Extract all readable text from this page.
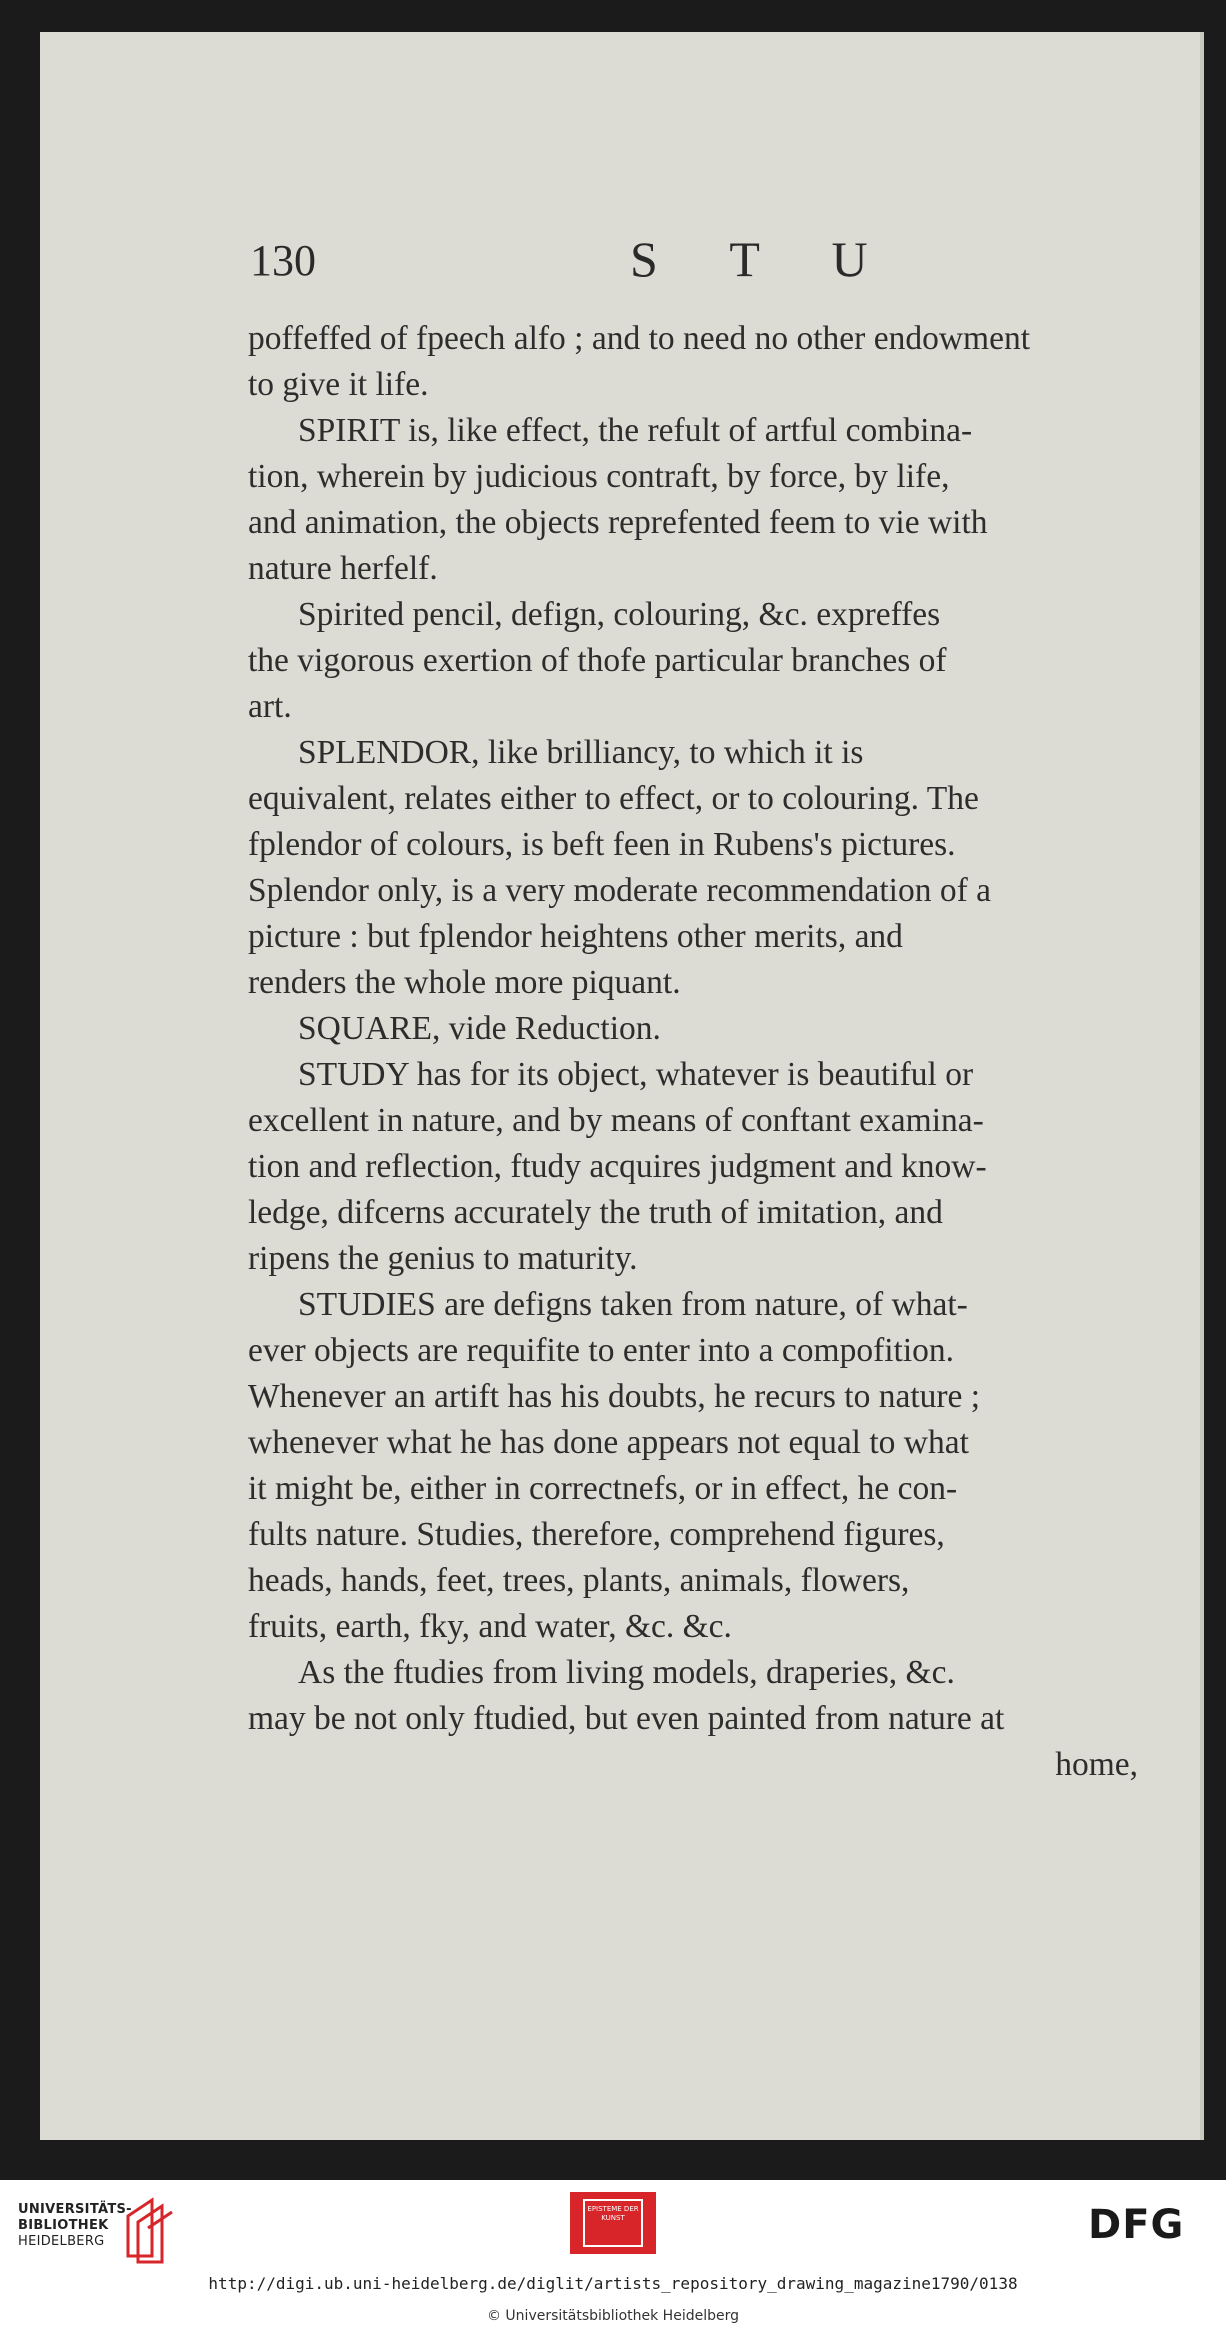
130	S T U
poffeffed of fpeech alfo ; and to need no other endowment
to give it life.
SPIRIT is, like effect, the refult of artful combina-
tion, wherein by judicious contraft, by force, by life,
and animation, the objects reprefented feem to vie with
nature herfelf.
Spirited pencil, defign, colouring, &c. expreffes
the vigorous exertion of thofe particular branches of
art.
SPLENDOR, like brilliancy, to which it is
equivalent, relates either to effect, or to colouring. The
fplendor of colours, is beft feen in Rubens's pictures.
Splendor only, is a very moderate recommendation of a
picture : but fplendor heightens other merits, and
renders the whole more piquant.
SQUARE, vide Reduction.
STUDY has for its object, whatever is beautiful or
excellent in nature, and by means of conftant examina-
tion and reflection, ftudy acquires judgment and know-
ledge, difcerns accurately the truth of imitation, and
ripens the genius to maturity.
STUDIES are defigns taken from nature, of what-
ever objects are requifite to enter into a compofition.
Whenever an artift has his doubts, he recurs to nature ;
whenever what he has done appears not equal to what
it might be, either in correctnefs, or in effect, he con-
fults nature. Studies, therefore, comprehend figures,
heads, hands, feet, trees, plants, animals, flowers,
fruits, earth, fky, and water, &c. &c.
As the ftudies from living models, draperies, &c.
may be not only ftudied, but even painted from nature at
home,
UNIVERSITÄTS-
BIBLIOTHEK
HEIDELBERG
EPISTEME DER KUNST	DFG
http://digi.ub.uni-heidelberg.de/diglit/artists_repository_drawing_magazine1790/0138
© Universitätsbibliothek Heidelberg
